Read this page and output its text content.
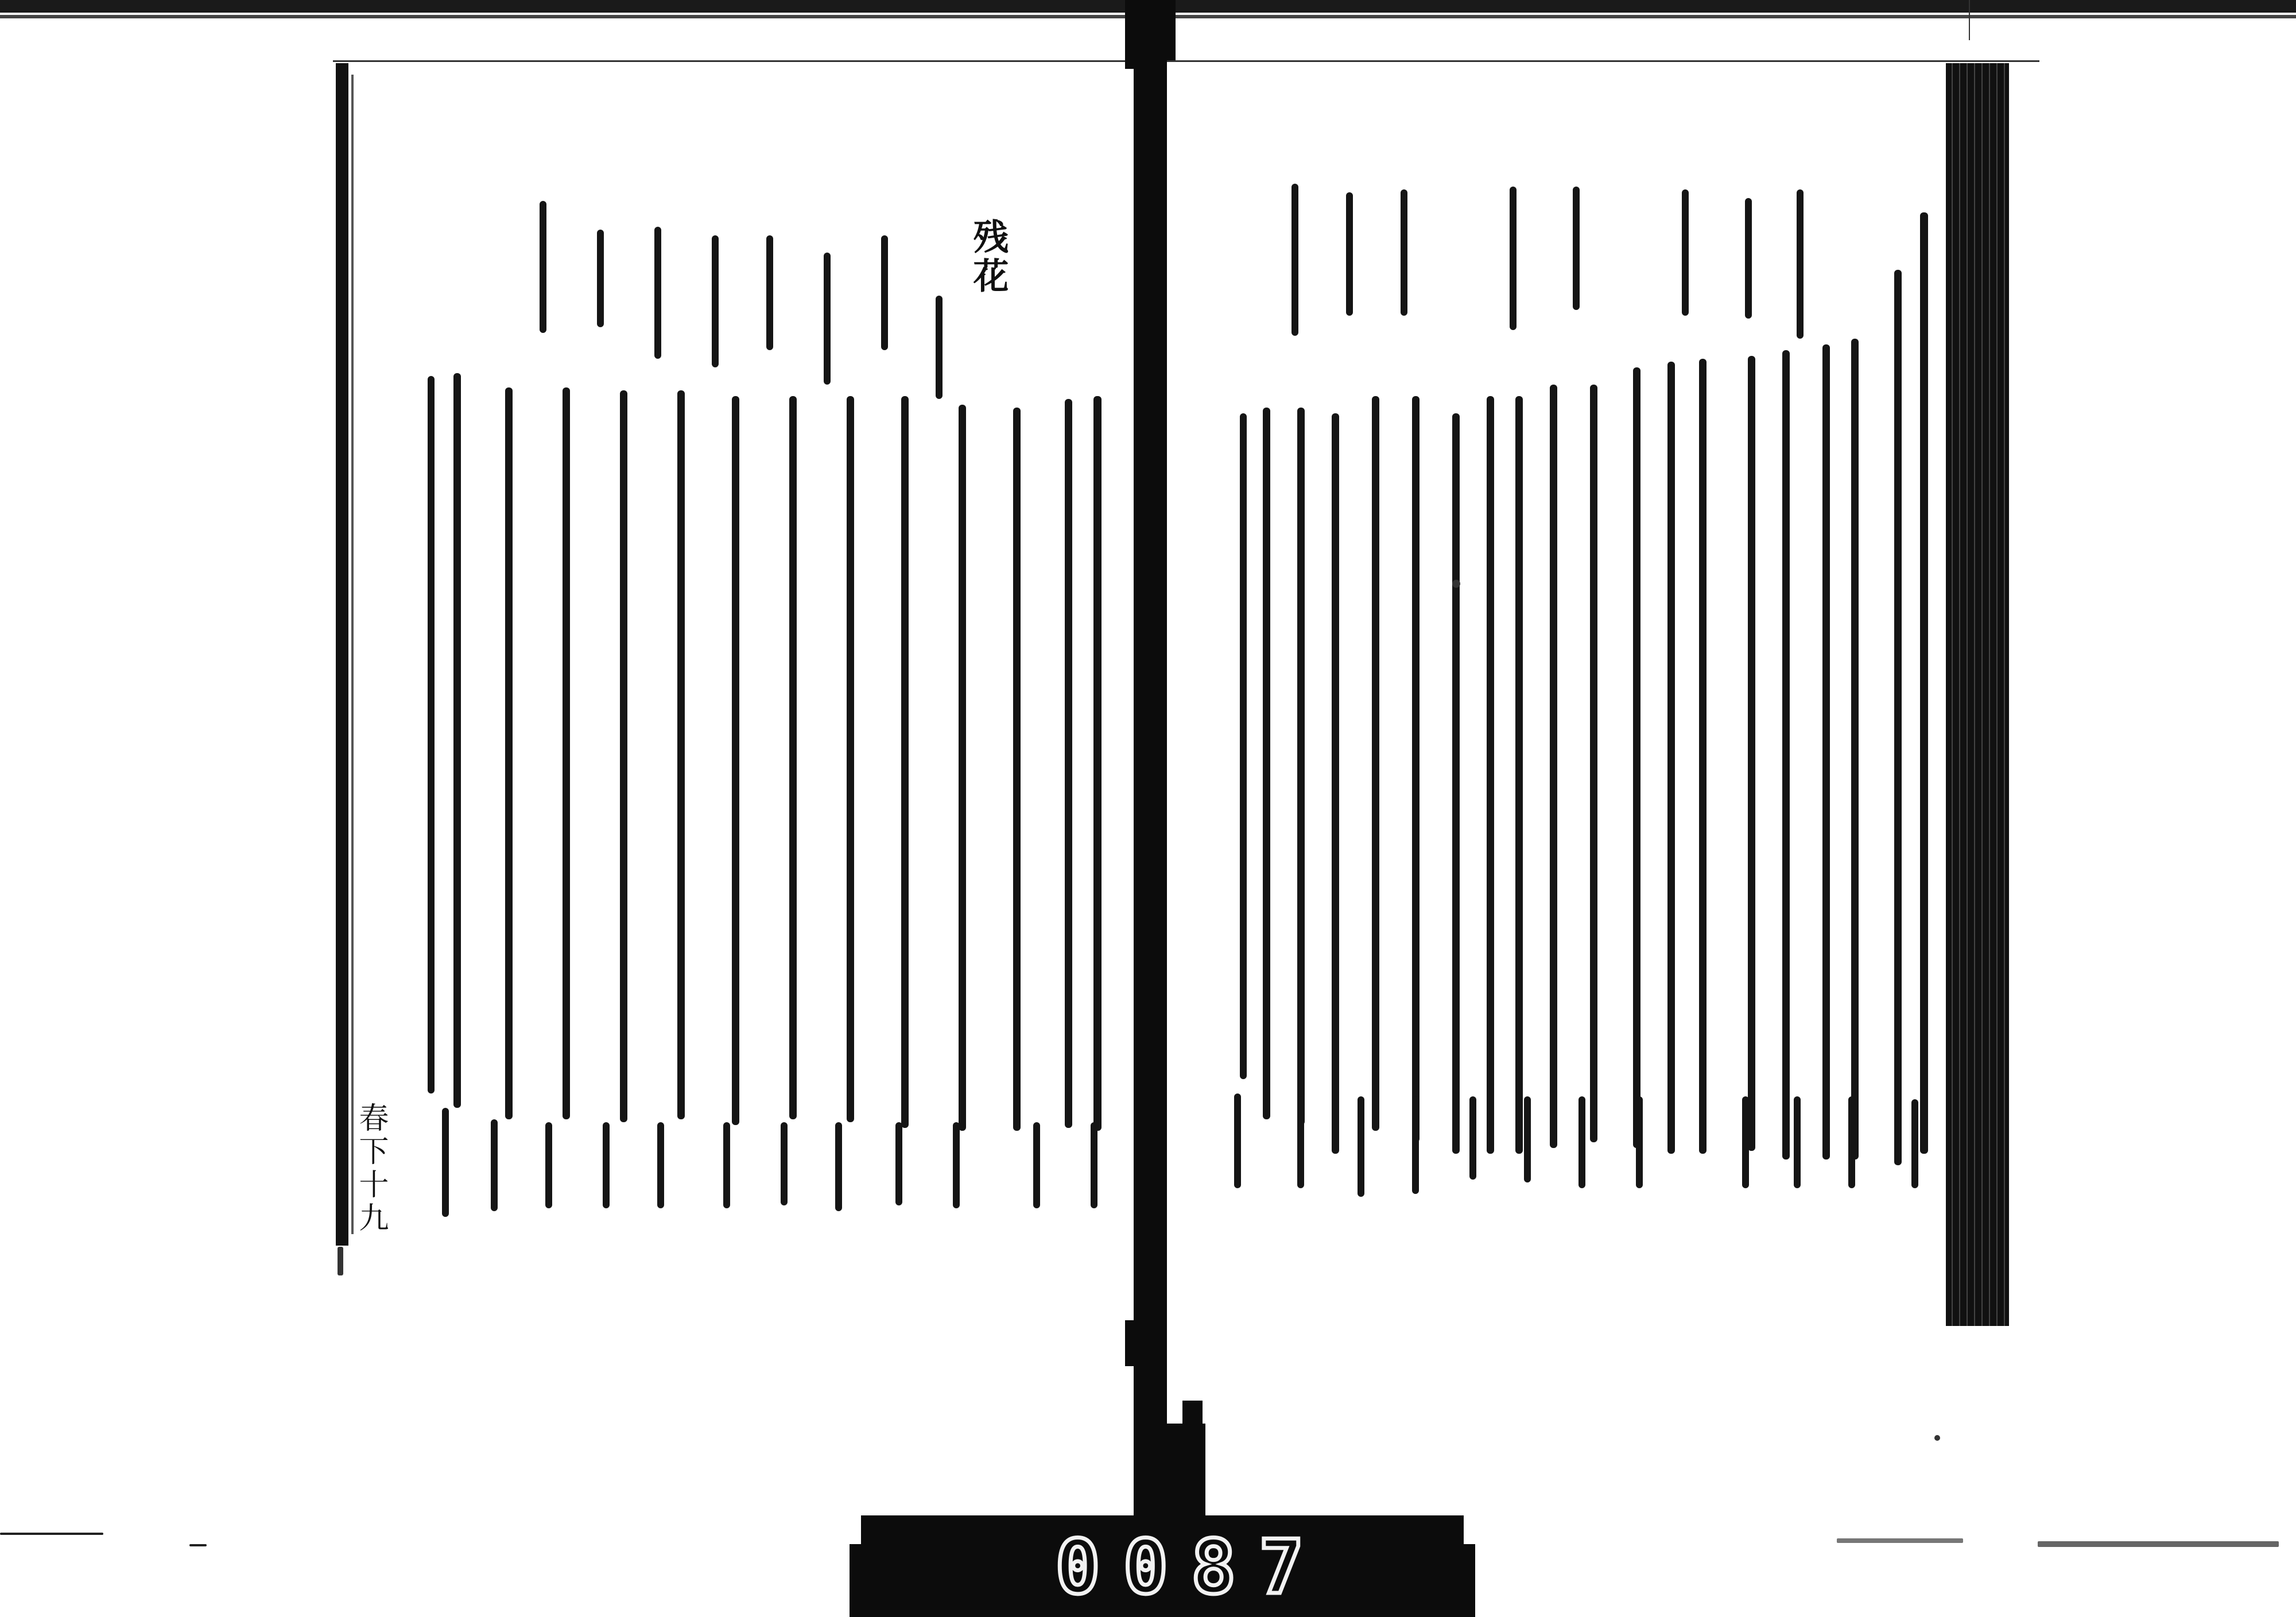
残花
春下十九
0087
